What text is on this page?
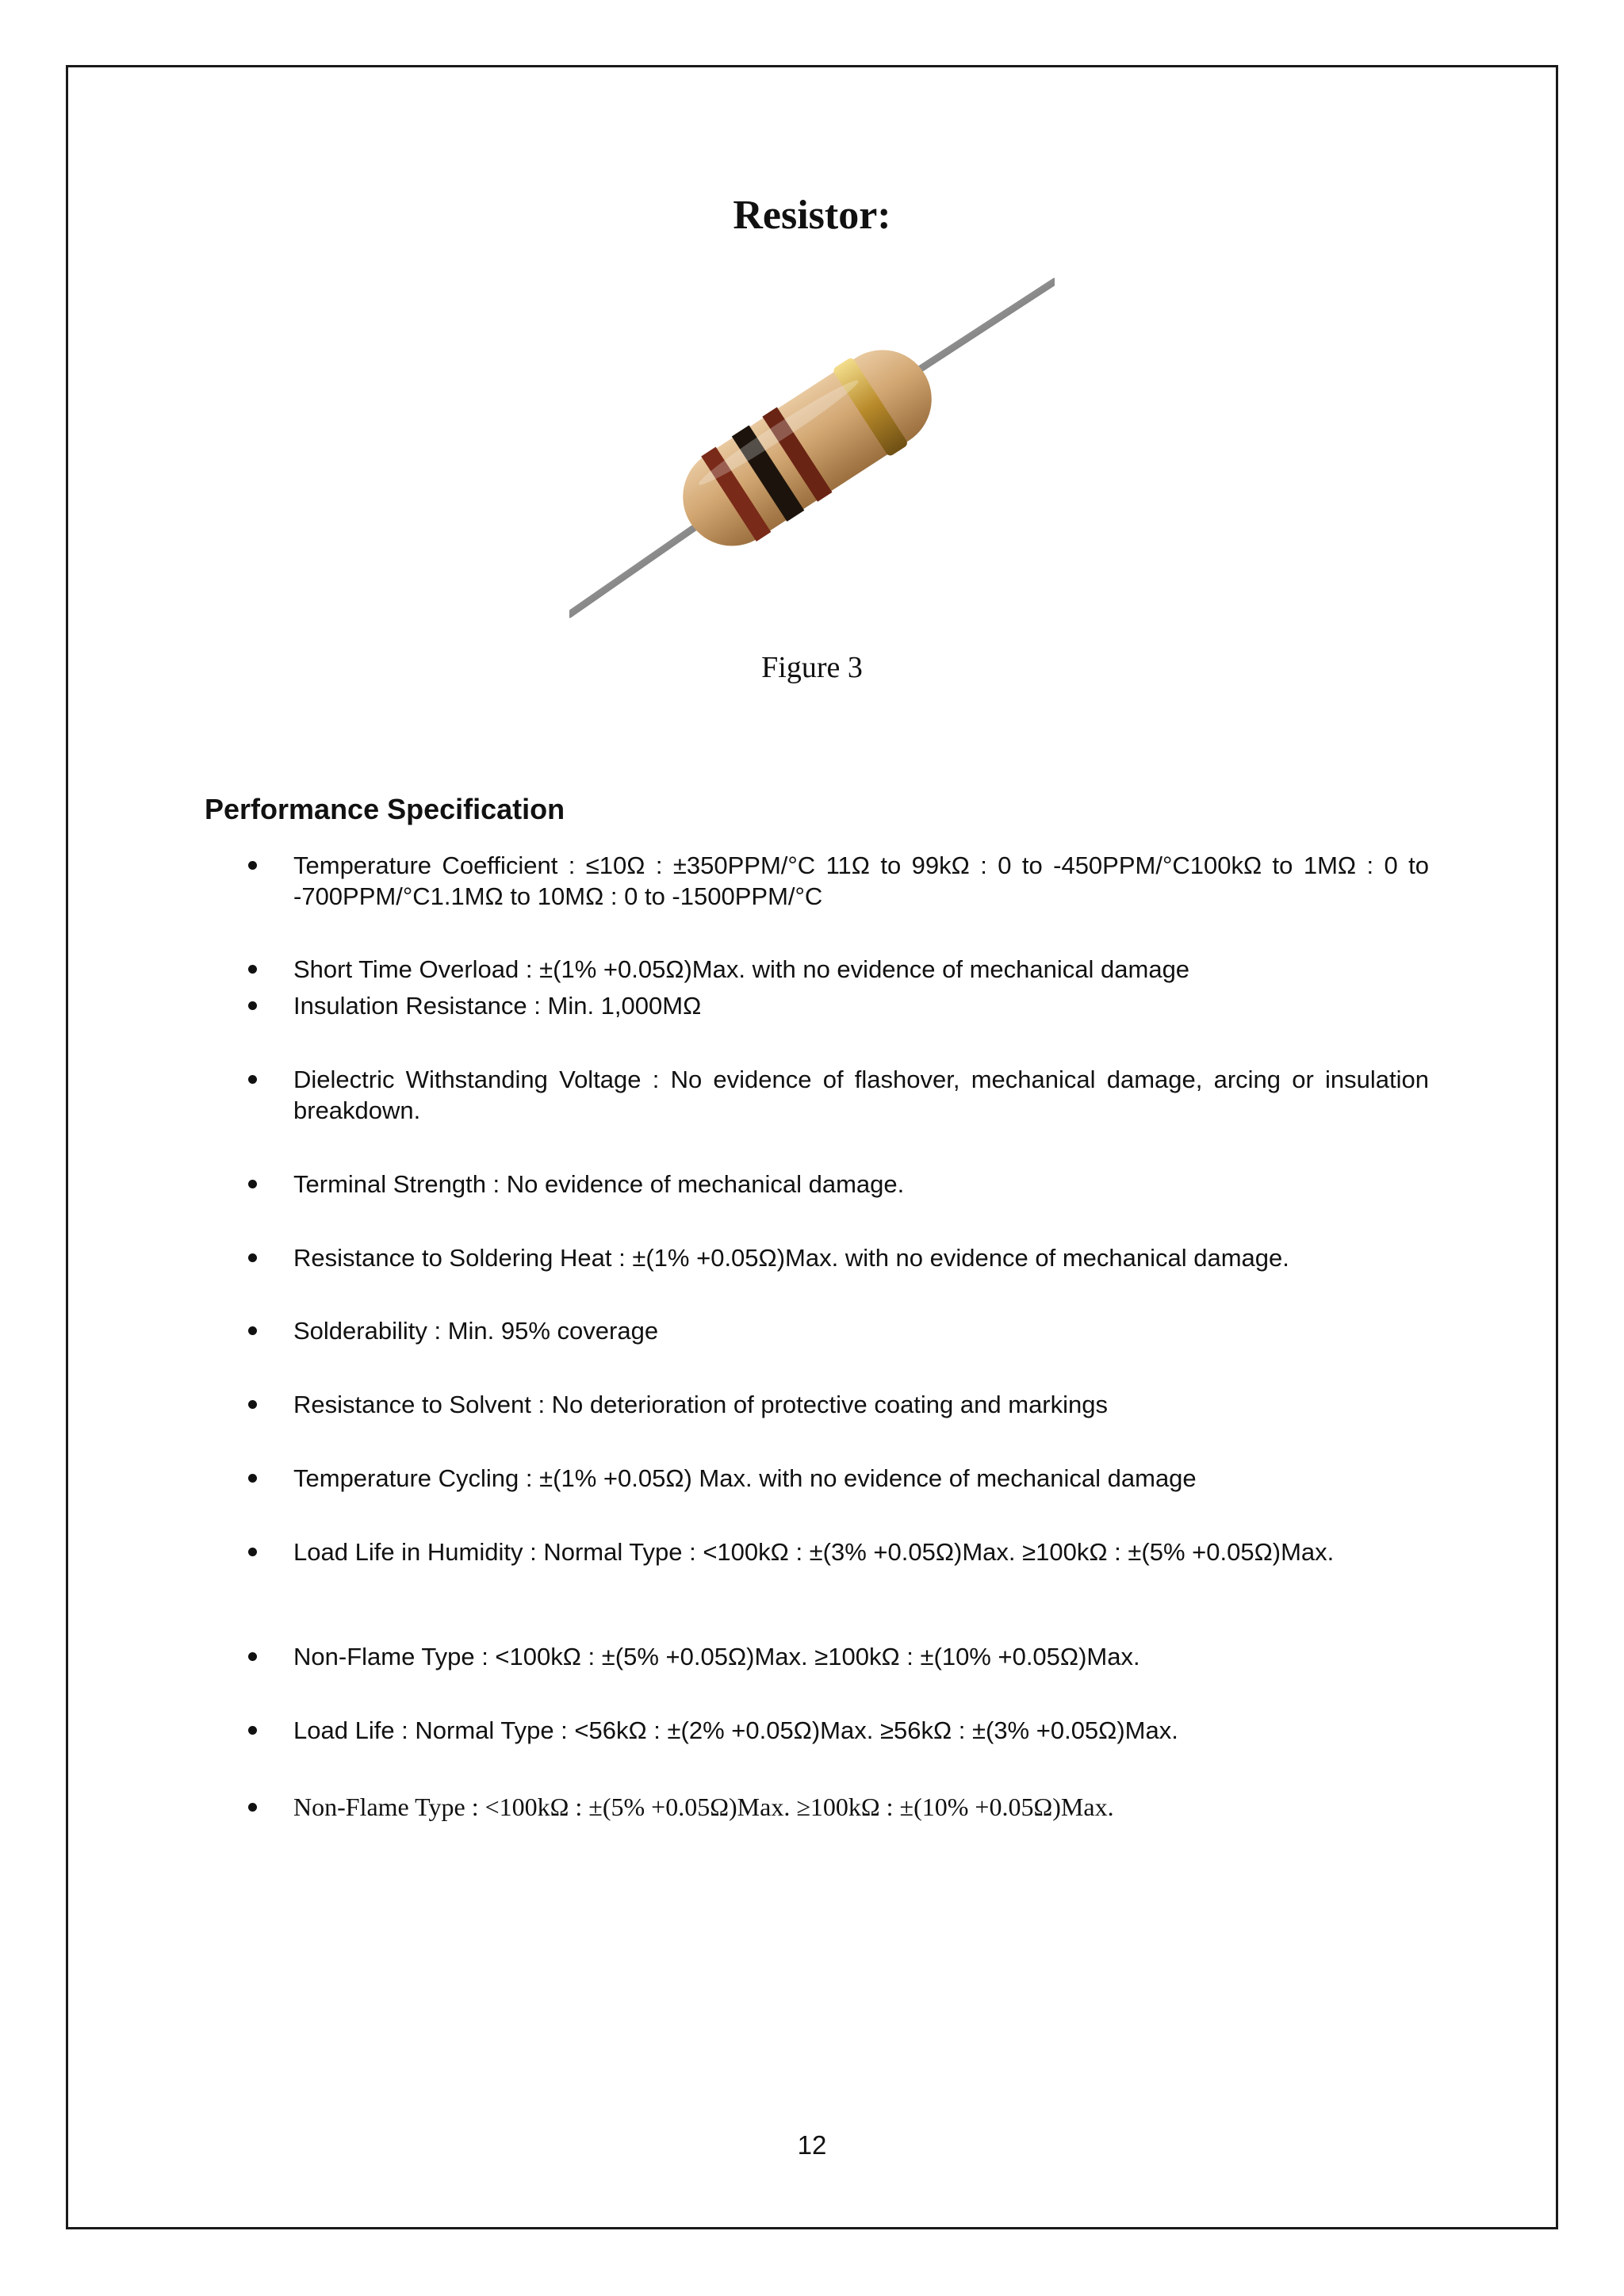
Resistor:

Figure 3

Performance Specification
Temperature Coefficient : ≤10Ω : ±350PPM/°C 11Ω to 99kΩ : 0 to -450PPM/°C100kΩ to 1MΩ : 0 to -700PPM/°C1.1MΩ to 10MΩ : 0 to -1500PPM/°C
Short Time Overload : ±(1% +0.05Ω)Max. with no evidence of mechanical damage
Insulation Resistance : Min. 1,000MΩ
Dielectric Withstanding Voltage : No evidence of flashover, mechanical damage, arcing or insulation breakdown.
Terminal Strength : No evidence of mechanical damage.
Resistance to Soldering Heat : ±(1% +0.05Ω)Max. with no evidence of mechanical damage.
Solderability : Min. 95% coverage
Resistance to Solvent : No deterioration of protective coating and markings
Temperature Cycling : ±(1% +0.05Ω) Max. with no evidence of mechanical damage
Load Life in Humidity : Normal Type : <100kΩ : ±(3% +0.05Ω)Max. ≥100kΩ : ±(5% +0.05Ω)Max.
Non-Flame Type : <100kΩ : ±(5% +0.05Ω)Max. ≥100kΩ : ±(10% +0.05Ω)Max.
Load Life : Normal Type : <56kΩ : ±(2% +0.05Ω)Max. ≥56kΩ : ±(3% +0.05Ω)Max.
Non-Flame Type : <100kΩ : ±(5% +0.05Ω)Max. ≥100kΩ : ±(10% +0.05Ω)Max.

12
